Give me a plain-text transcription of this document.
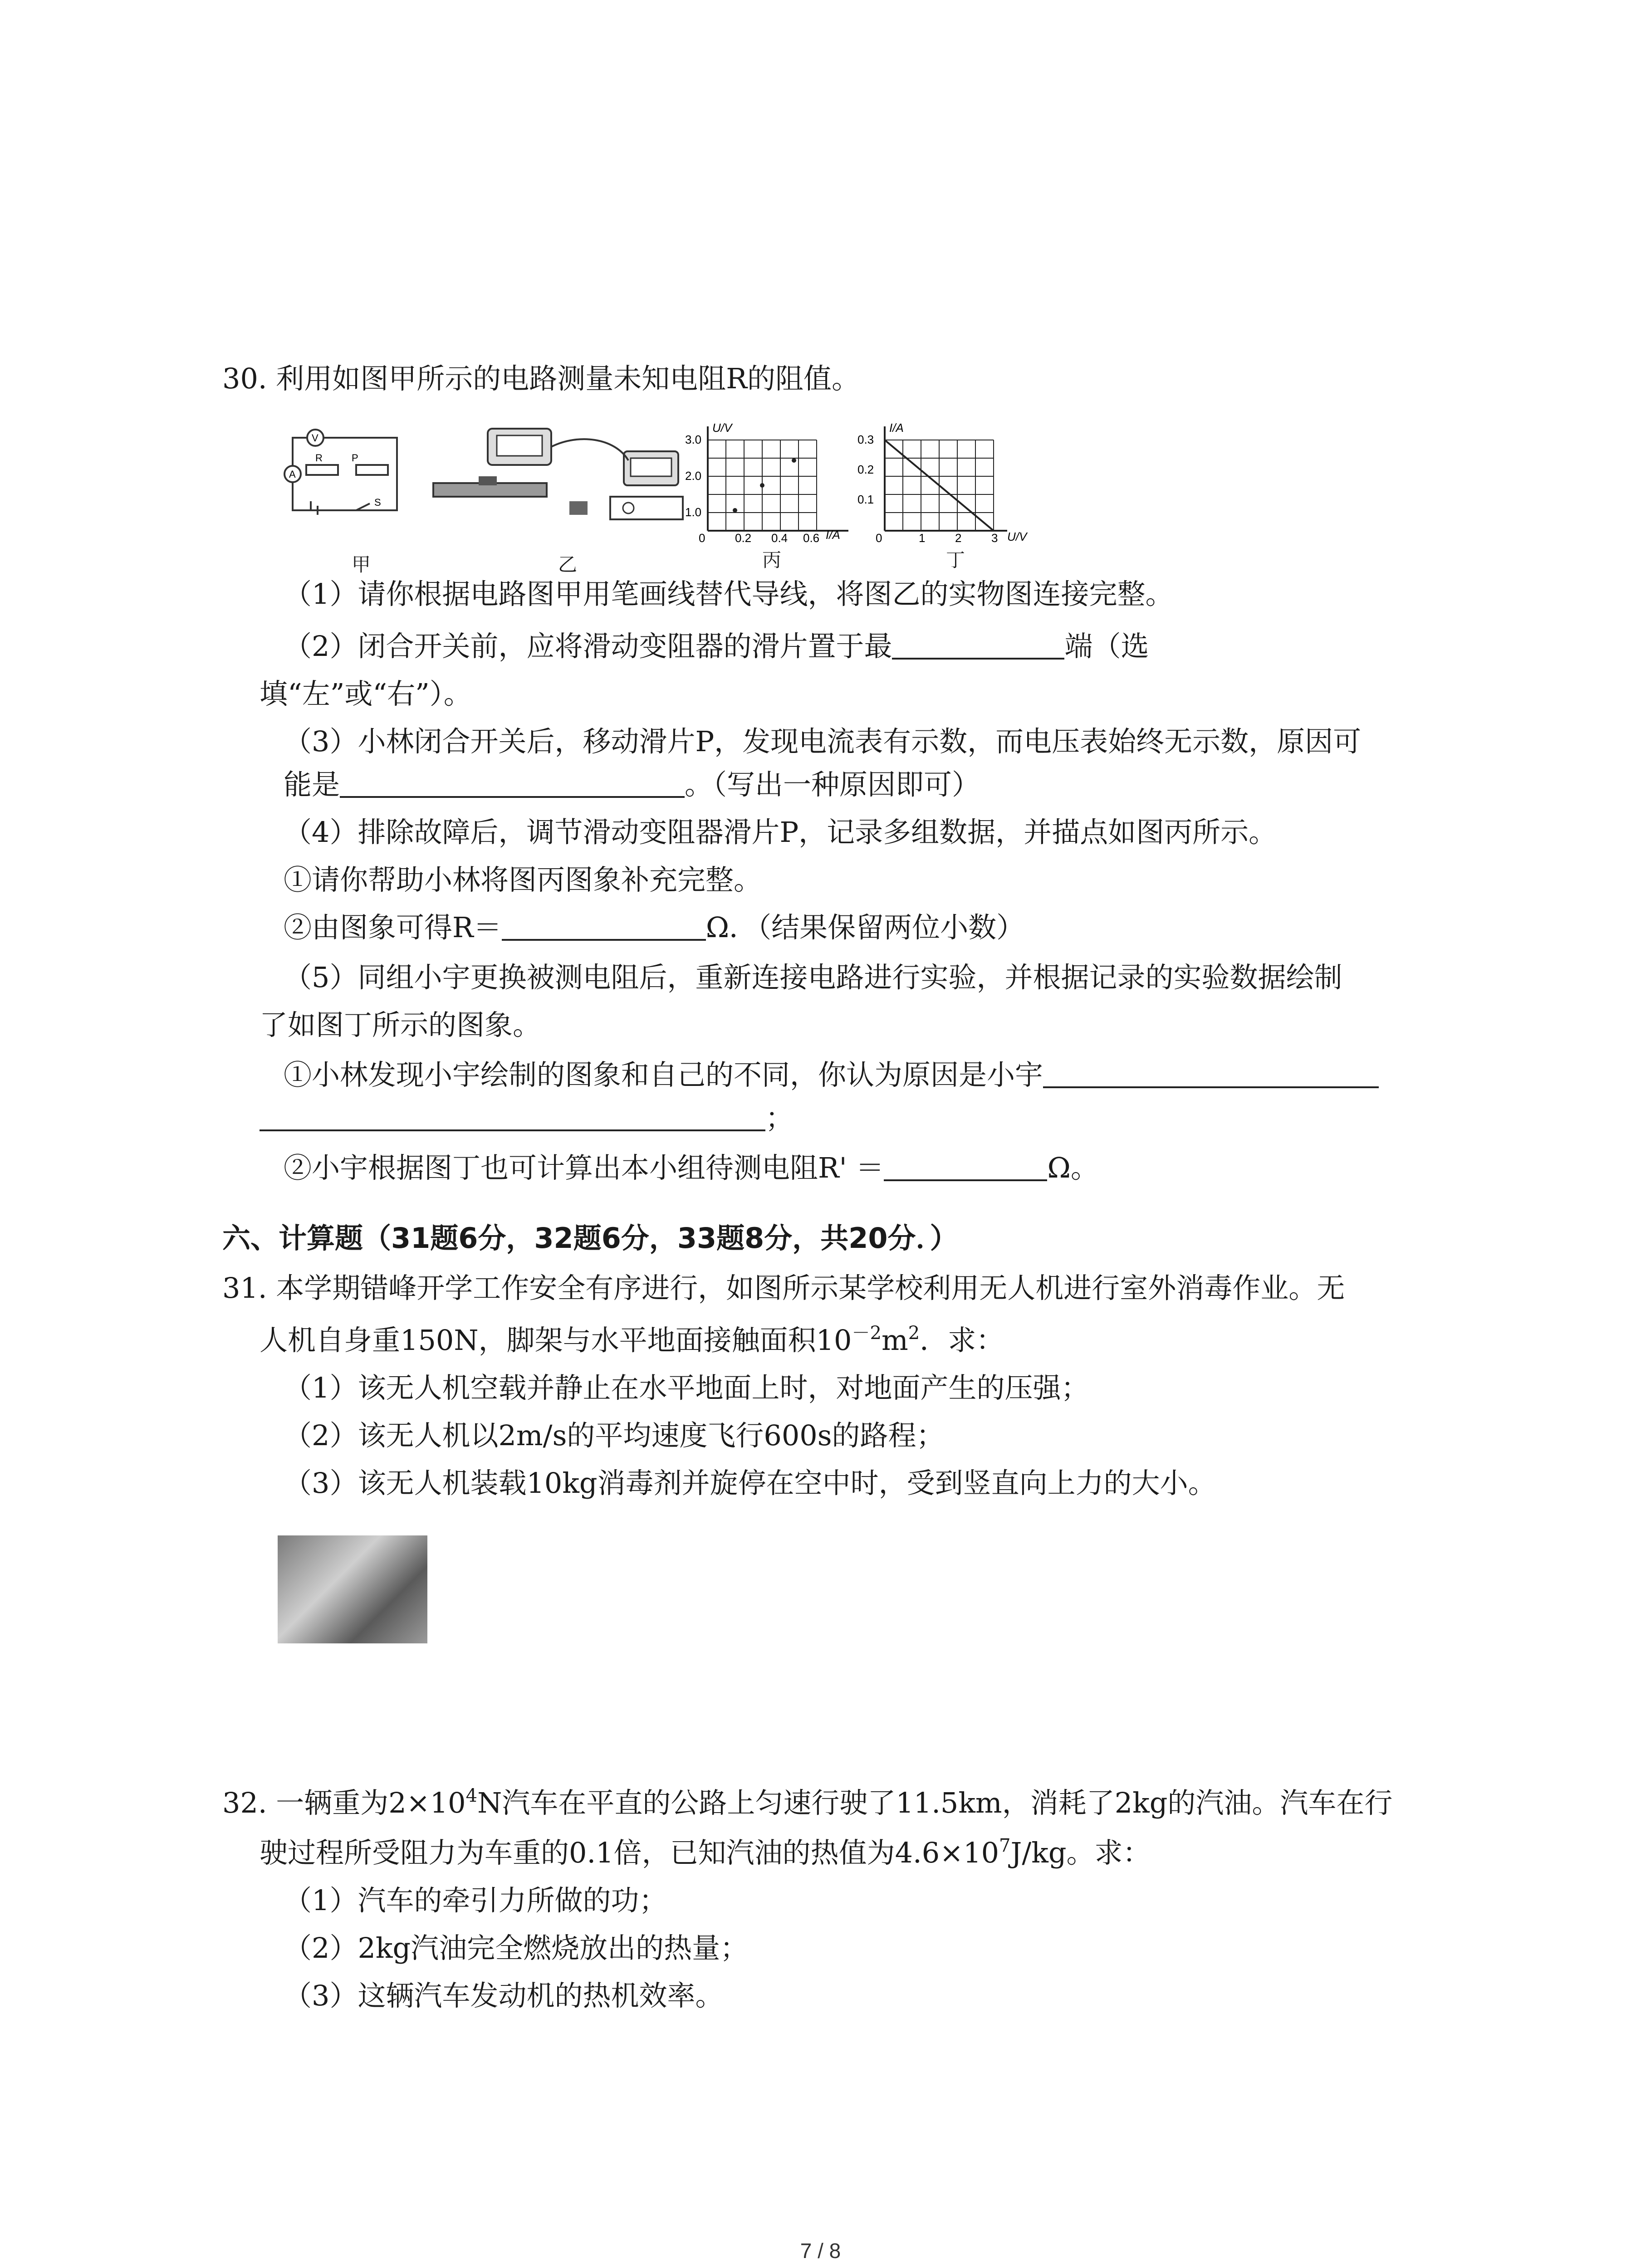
30. 利用如图甲所示的电路测量未知电阻R的阻值。
V
A
R	P
S
U/V
I/A
3.0
2.0
1.0
0	0.2 0.4 0.6
I/A
U/V
0.3
0.2
0.1
0	1	2	3
甲	乙	丙	丁
（1）请你根据电路图甲用笔画线替代导线，将图乙的实物图连接完整。
（2）闭合开关前，应将滑动变阻器的滑片置于最	端（选
填“左”或“右”）。
（3）小林闭合开关后，移动滑片P，发现电流表有示数，而电压表始终无示数，原因可
能是	。（写出一种原因即可）
（4）排除故障后，调节滑动变阻器滑片P，记录多组数据，并描点如图丙所示。
①请你帮助小林将图丙图象补充完整。
②由图象可得R＝	Ω．（结果保留两位小数）
（5）同组小宇更换被测电阻后，重新连接电路进行实验，并根据记录的实验数据绘制
了如图丁所示的图象。
①小林发现小宇绘制的图象和自己的不同，你认为原因是小宇
；
②小宇根据图丁也可计算出本小组待测电阻R' ＝	Ω。
六、计算题（31题6分，32题6分，33题8分，共20分．）
31. 本学期错峰开学工作安全有序进行，如图所示某学校利用无人机进行室外消毒作业。无
人机自身重150N，脚架与水平地面接触面积$10^{-2}m^2$．求：
（1）该无人机空载并静止在水平地面上时，对地面产生的压强；
（2）该无人机以2m/s的平均速度飞行600s的路程；
（3）该无人机装载10kg消毒剂并旋停在空中时，受到竖直向上力的大小。
32. 一辆重为$2\times 10^4N$汽车在平直的公路上匀速行驶了11.5km，消耗了2kg的汽油。汽车在行
驶过程所受阻力为车重的0.1倍，已知汽油的热值为$4.6\times 10^7J/kg$。求：
（1）汽车的牵引力所做的功；
（2）2kg汽油完全燃烧放出的热量；
（3）这辆汽车发动机的热机效率。
7 / 8
